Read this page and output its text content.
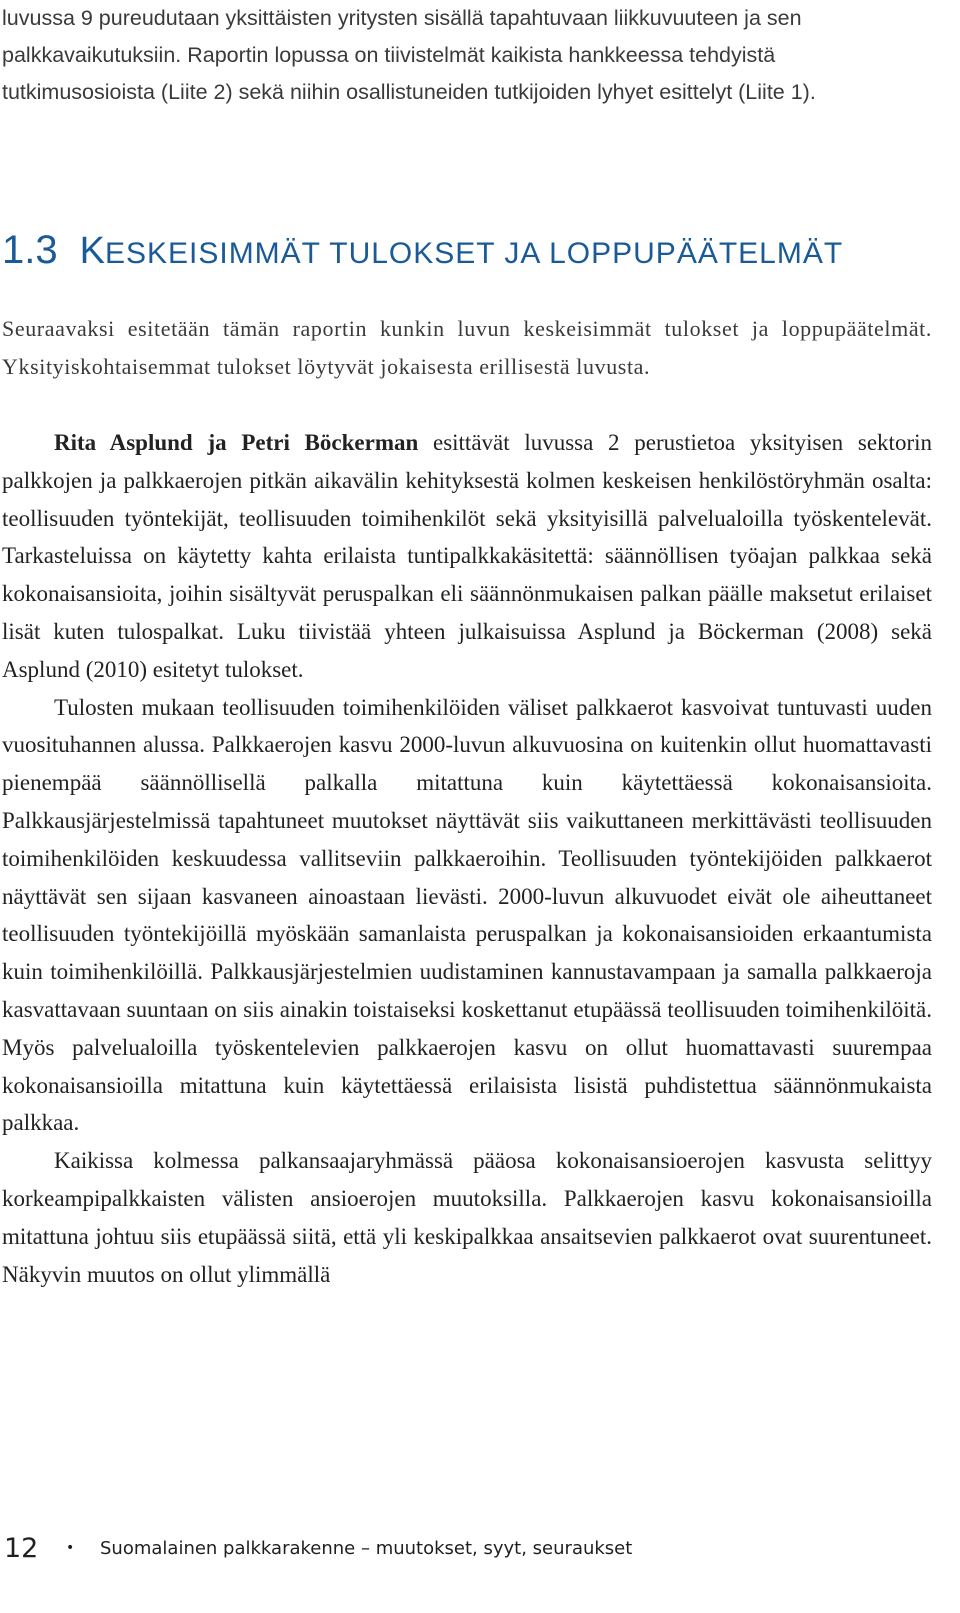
luvussa 9 pureudutaan yksittäisten yritysten sisällä tapahtuvaan liikkuvuuteen ja sen palkkavaikutuksiin. Raportin lopussa on tiivistelmät kaikista hankkeessa tehdyistä tutkimusosioista (Liite 2) sekä niihin osallistuneiden tutkijoiden lyhyet esittelyt (Liite 1).

1.3 KESKEISIMMÄT TULOKSET JA LOPPUPÄÄTELMÄT

Seuraavaksi esitetään tämän raportin kunkin luvun keskeisimmät tulokset ja loppupäätelmät. Yksityiskohtaisemmat tulokset löytyvät jokaisesta erillisestä luvusta.

Rita Asplund ja Petri Böckerman esittävät luvussa 2 perustietoa yksityisen sektorin palkkojen ja palkkaerojen pitkän aikavälin kehityksestä kolmen keskeisen henkilöstöryhmän osalta: teollisuuden työntekijät, teollisuuden toimihenkilöt sekä yksityisillä palvelualoilla työskentelevät. Tarkasteluissa on käytetty kahta erilaista tuntipalkkakäsitettä: säännöllisen työajan palkkaa sekä kokonaisansioita, joihin sisältyvät peruspalkan eli säännönmukaisen palkan päälle maksetut erilaiset lisät kuten tulospalkat. Luku tiivistää yhteen julkaisuissa Asplund ja Böckerman (2008) sekä Asplund (2010) esitetyt tulokset.

Tulosten mukaan teollisuuden toimihenkilöiden väliset palkkaerot kasvoivat tuntuvasti uuden vuosituhannen alussa. Palkkaerojen kasvu 2000-luvun alkuvuosina on kuitenkin ollut huomattavasti pienempää säännöllisellä palkalla mitattuna kuin käytettäessä kokonaisansioita. Palkkausjärjestelmissä tapahtuneet muutokset näyttävät siis vaikuttaneen merkittävästi teollisuuden toimihenkilöiden keskuudessa vallitseviin palkkaeroihin. Teollisuuden työntekijöiden palkkaerot näyttävät sen sijaan kasvaneen ainoastaan lievästi. 2000-luvun alkuvuodet eivät ole aiheuttaneet teollisuuden työntekijöillä myöskään samanlaista peruspalkan ja kokonaisansioiden erkaantumista kuin toimihenkilöillä. Palkkausjärjestelmien uudistaminen kannustavampaan ja samalla palkkaeroja kasvattavaan suuntaan on siis ainakin toistaiseksi koskettanut etupäässä teollisuuden toimihenkilöitä. Myös palvelualoilla työskentelevien palkkaerojen kasvu on ollut huomattavasti suurempaa kokonaisansioilla mitattuna kuin käytettäessä erilaisista lisistä puhdistettua säännönmukaista palkkaa.

Kaikissa kolmessa palkansaajaryhmässä pääosa kokonaisansioerojen kasvusta selittyy korkeampipalkkaisten välisten ansioerojen muutoksilla. Palkkaerojen kasvu kokonaisansioilla mitattuna johtuu siis etupäässä siitä, että yli keskipalkkaa ansaitsevien palkkaerot ovat suurentuneet. Näkyvin muutos on ollut ylimmällä

12	•	Suomalainen palkkarakenne – muutokset, syyt, seuraukset
